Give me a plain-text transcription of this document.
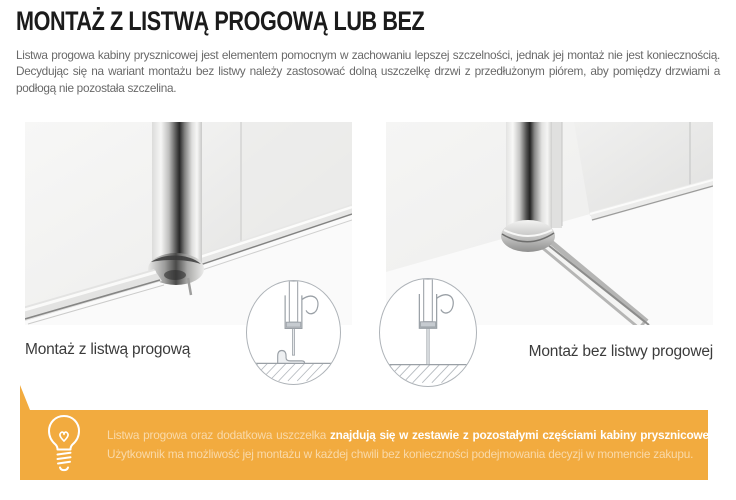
MONTAŻ Z LISTWĄ PROGOWĄ LUB BEZ

Listwa progowa kabiny prysznicowej jest elementem pomocnym w zachowaniu lepszej szczelności, jednak jej montaż nie jest koniecznością. Decydując się na wariant montażu bez listwy należy zastosować dolną uszczelkę drzwi z przedłużonym piórem, aby pomiędzy drzwiami a podłogą nie pozostała szczelina.

Montaż z listwą progową	Montaż bez listwy progowej

Listwa progowa oraz dodatkowa uszczelka znajdują się w zestawie z pozostałymi częściami kabiny prysznicowej. Użytkownik ma możliwość jej montażu w każdej chwili bez konieczności podejmowania decyzji w momencie zakupu.
